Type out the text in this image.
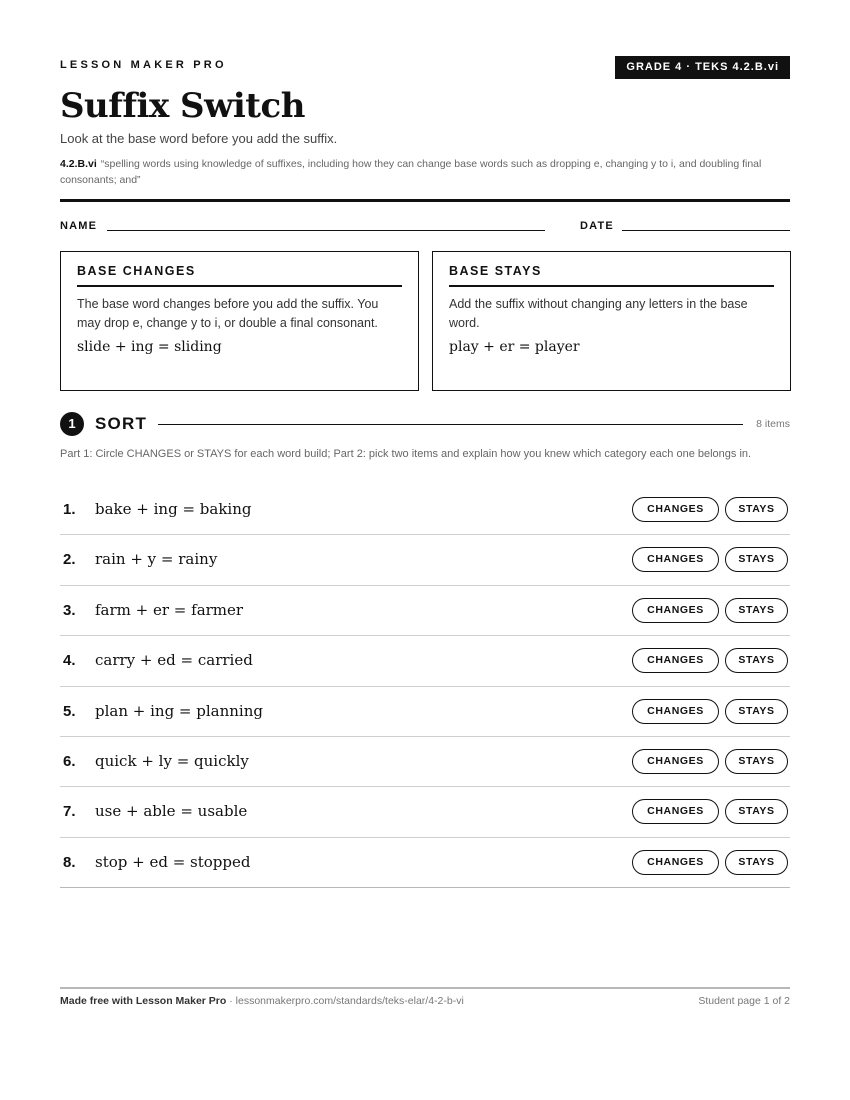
LESSON MAKER PRO	GRADE 4 · TEKS 4.2.B.vi
Suffix Switch

Look at the base word before you add the suffix.

4.2.B.vi “spelling words using knowledge of suffixes, including how they can change base words such as dropping e, changing y to i, and doubling final consonants; and”

NAME	DATE
BASE CHANGES

The base word changes before you add the suffix. You may drop e, change y to i, or double a final consonant.

slide + ing = sliding

BASE STAYS

Add the suffix without changing any letters in the base word.

play + er = player

1	SORT	8 items

Part 1: Circle CHANGES or STAYS for each word build; Part 2: pick two items and explain how you knew which category each one belongs in.

1. bake + ing = baking	CHANGES	STAYS
2. rain + y = rainy	CHANGES	STAYS
3. farm + er = farmer	CHANGES	STAYS
4. carry + ed = carried	CHANGES	STAYS
5. plan + ing = planning	CHANGES	STAYS
6. quick + ly = quickly	CHANGES	STAYS
7. use + able = usable	CHANGES	STAYS
8. stop + ed = stopped	CHANGES	STAYS
Made free with Lesson Maker Pro · lessonmakerpro.com/standards/teks-elar/4-2-b-vi	Student page 1 of 2
